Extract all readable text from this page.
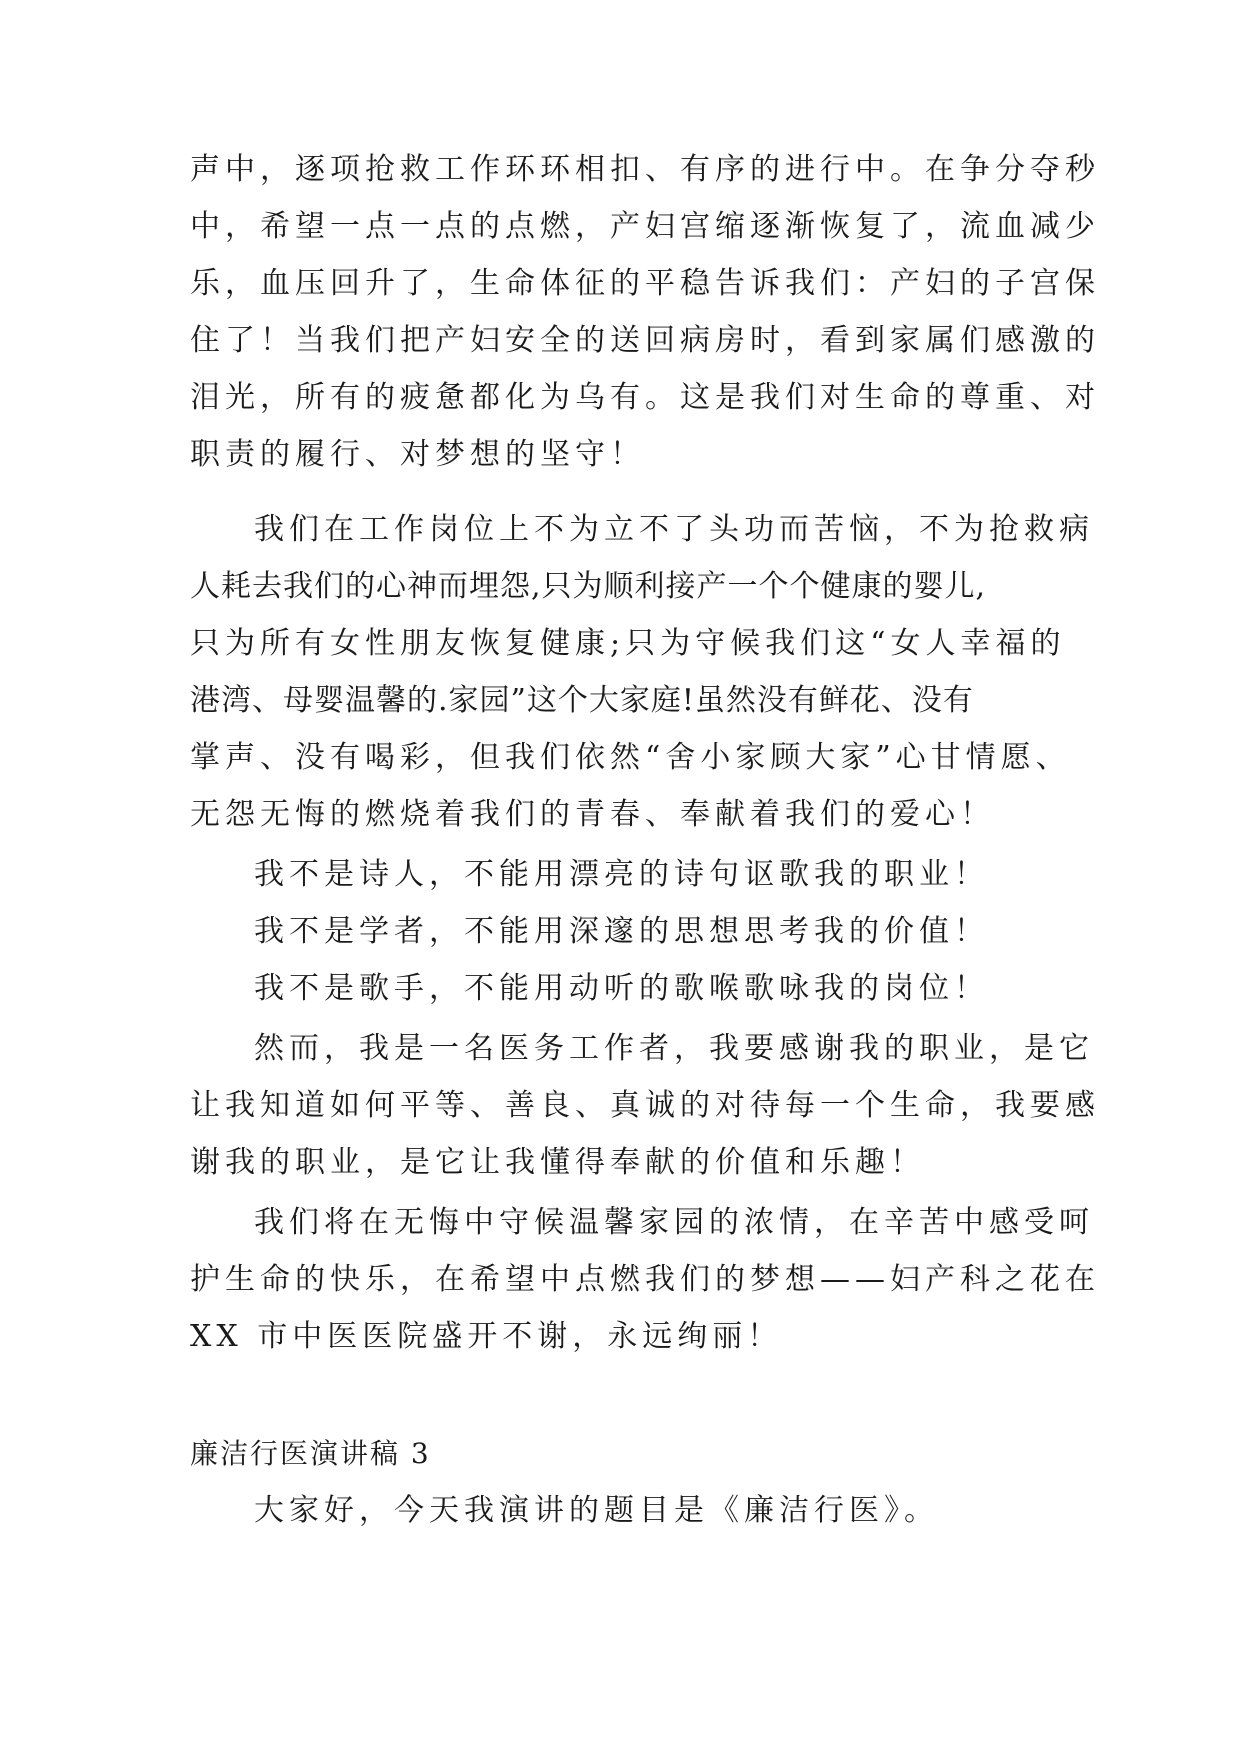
声中，逐项抢救工作环环相扣、有序的进行中。在争分夺秒
中，希望一点一点的点燃，产妇宫缩逐渐恢复了，流血减少
乐，血压回升了，生命体征的平稳告诉我们：产妇的子宫保
住了！当我们把产妇安全的送回病房时，看到家属们感激的
泪光，所有的疲惫都化为乌有。这是我们对生命的尊重、对
职责的履行、对梦想的坚守！
我们在工作岗位上不为立不了头功而苦恼，不为抢救病
人耗去我们的心神而埋怨,只为顺利接产一个个健康的婴儿,
只为所有女性朋友恢复健康;只为守候我们这“女人幸福的
港湾、母婴温馨的.家园”这个大家庭!虽然没有鲜花、没有
掌声、没有喝彩，但我们依然“舍小家顾大家”心甘情愿、
无怨无悔的燃烧着我们的青春、奉献着我们的爱心！
我不是诗人，不能用漂亮的诗句讴歌我的职业！
我不是学者，不能用深邃的思想思考我的价值！
我不是歌手，不能用动听的歌喉歌咏我的岗位！
然而，我是一名医务工作者，我要感谢我的职业，是它
让我知道如何平等、善良、真诚的对待每一个生命，我要感
谢我的职业，是它让我懂得奉献的价值和乐趣！
我们将在无悔中守候温馨家园的浓情，在辛苦中感受呵
护生命的快乐，在希望中点燃我们的梦想——妇产科之花在
XX 市中医医院盛开不谢，永远绚丽！
廉洁行医演讲稿 3
大家好，今天我演讲的题目是《廉洁行医》。
